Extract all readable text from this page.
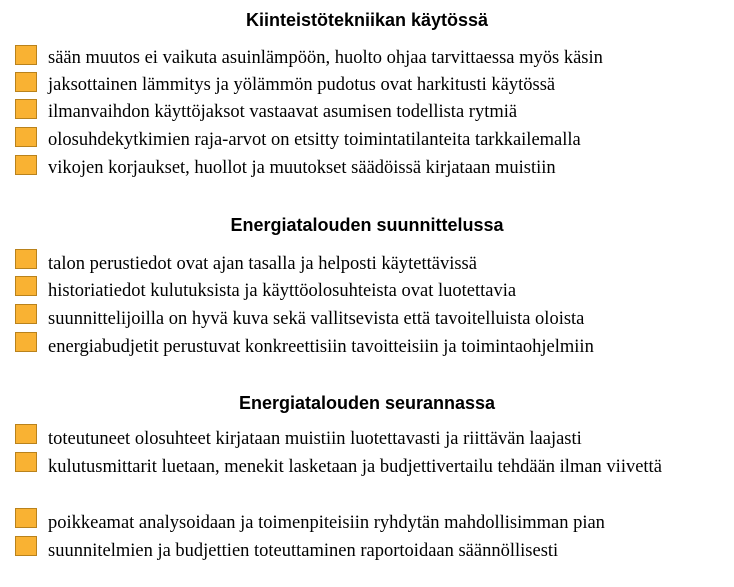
Kiinteistötekniikan käytössä
sään muutos ei vaikuta asuinlämpöön, huolto ohjaa tarvittaessa myös käsin
jaksottainen lämmitys ja yölämmön pudotus ovat harkitusti käytössä
ilmanvaihdon käyttöjaksot vastaavat asumisen todellista rytmiä
olosuhdekytkimien raja-arvot on etsitty toimintatilanteita tarkkailemalla
vikojen korjaukset, huollot ja muutokset säädöissä kirjataan muistiin
Energiatalouden suunnittelussa
talon perustiedot ovat ajan tasalla ja helposti käytettävissä
historiatiedot kulutuksista ja käyttöolosuhteista ovat luotettavia
suunnittelijoilla on hyvä kuva sekä vallitsevista että tavoitelluista oloista
energiabudjetit perustuvat konkreettisiin tavoitteisiin ja toimintaohjelmiin
Energiatalouden seurannassa
toteutuneet olosuhteet kirjataan muistiin luotettavasti ja riittävän laajasti
kulutusmittarit luetaan, menekit lasketaan ja budjettivertailu tehdään ilman viivettä
poikkeamat analysoidaan ja toimenpiteisiin ryhdytän mahdollisimman pian
suunnitelmien ja budjettien toteuttaminen raportoidaan säännöllisesti
